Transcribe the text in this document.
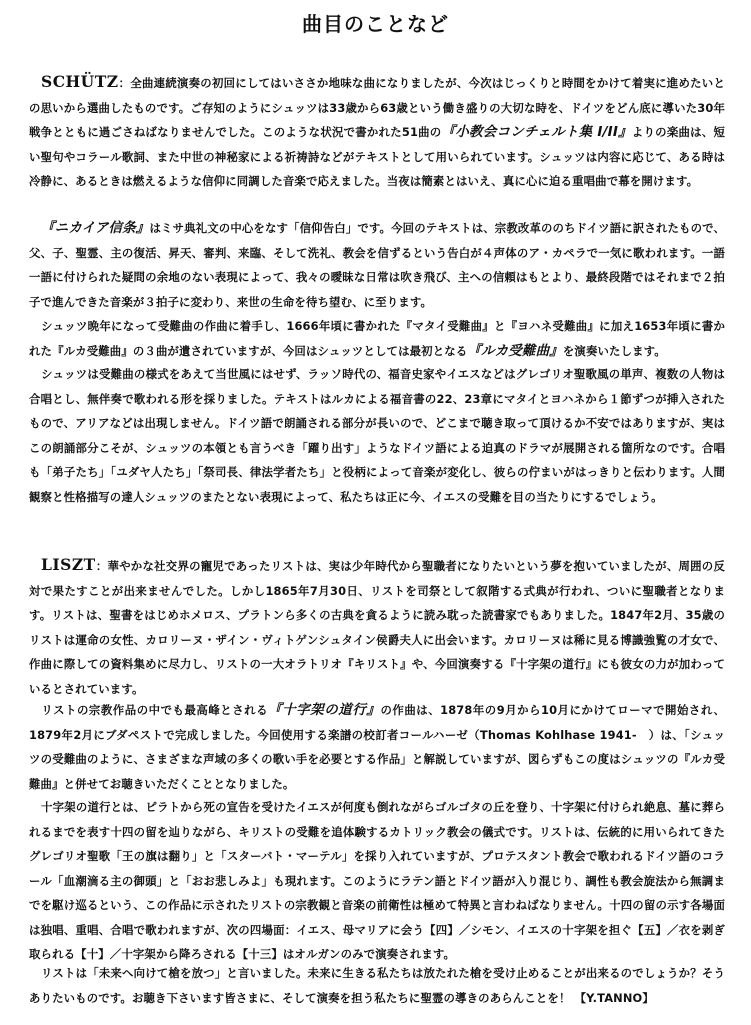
曲目のことなど

SCHÜTZ：全曲連続演奏の初回にしてはいささか地味な曲になりましたが、今次はじっくりと時間をかけて着実に進めたいとの思いから選曲したものです。ご存知のようにシュッツは33歳から63歳という働き盛りの大切な時を、ドイツをどん底に導いた30年戦争とともに過ごさねばなりませんでした。このような状況で書かれた51曲の『小教会コンチェルト集 I/II』よりの楽曲は、短い聖句やコラール歌詞、また中世の神秘家による祈祷詩などがテキストとして用いられています。シュッツは内容に応じて、ある時は冷静に、あるときは燃えるような信仰に同調した音楽で応えました。当夜は簡素とはいえ、真に心に迫る重唱曲で幕を開けます。

『ニカイア信条』はミサ典礼文の中心をなす「信仰告白」です。今回のテキストは、宗教改革ののちドイツ語に訳されたもので、父、子、聖霊、主の復活、昇天、審判、来臨、そして洗礼、教会を信ずるという告白が４声体のア・カペラで一気に歌われます。一語一語に付けられた疑問の余地のない表現によって、我々の曖昧な日常は吹き飛び、主への信頼はもとより、最終段階ではそれまで２拍子で進んできた音楽が３拍子に変わり、来世の生命を待ち望む、に至ります。

シュッツ晩年になって受難曲の作曲に着手し、1666年頃に書かれた『マタイ受難曲』と『ヨハネ受難曲』に加え1653年頃に書かれた『ルカ受難曲』の３曲が遺されていますが、今回はシュッツとしては最初となる『ルカ受難曲』を演奏いたします。

シュッツは受難曲の様式をあえて当世風にはせず、ラッソ時代の、福音史家やイエスなどはグレゴリオ聖歌風の単声、複数の人物は合唱とし、無伴奏で歌われる形を採りました。テキストはルカによる福音書の22、23章にマタイとヨハネから１節ずつが挿入されたもので、アリアなどは出現しません。ドイツ語で朗誦される部分が長いので、どこまで聴き取って頂けるか不安ではありますが、実はこの朗誦部分こそが、シュッツの本領とも言うべき「躍り出す」ようなドイツ語による迫真のドラマが展開される箇所なのです。合唱も「弟子たち」「ユダヤ人たち」「祭司長、律法学者たち」と役柄によって音楽が変化し、彼らの佇まいがはっきりと伝わります。人間観察と性格描写の達人シュッツのまたとない表現によって、私たちは正に今、イエスの受難を目の当たりにするでしょう。

LISZT：華やかな社交界の寵児であったリストは、実は少年時代から聖職者になりたいという夢を抱いていましたが、周囲の反対で果たすことが出来ませんでした。しかし1865年7月30日、リストを司祭として叙階する式典が行われ、ついに聖職者となります。リストは、聖書をはじめホメロス、プラトンら多くの古典を貪るように読み耽った読書家でもありました。1847年2月、35歳のリストは運命の女性、カロリーヌ・ザイン・ヴィトゲンシュタイン侯爵夫人に出会います。カロリーヌは稀に見る博識強覧の才女で、作曲に際しての資料集めに尽力し、リストの一大オラトリオ『キリスト』や、今回演奏する『十字架の道行』にも彼女の力が加わっているとされています。

リストの宗教作品の中でも最高峰とされる『十字架の道行』の作曲は、1878年の9月から10月にかけてローマで開始され、1879年2月にブダペストで完成しました。今回使用する楽譜の校訂者コールハーゼ（Thomas Kohlhase 1941-　）は、「シュッツの受難曲のように、さまざまな声域の多くの歌い手を必要とする作品」と解説していますが、図らずもこの度はシュッツの『ルカ受難曲』と併せてお聴きいただくこととなりました。

十字架の道行とは、ピラトから死の宣告を受けたイエスが何度も倒れながらゴルゴタの丘を登り、十字架に付けられ絶息、墓に葬られるまでを表す十四の留を辿りながら、キリストの受難を追体験するカトリック教会の儀式です。リストは、伝統的に用いられてきたグレゴリオ聖歌「王の旗は翻り」と「スターバト・マーテル」を採り入れていますが、プロテスタント教会で歌われるドイツ語のコラール「血潮滴る主の御頭」と「おお悲しみよ」も現れます。このようにラテン語とドイツ語が入り混じり、調性も教会旋法から無調までを駆け巡るという、この作品に示されたリストの宗教観と音楽の前衛性は極めて特異と言わねばなりません。十四の留の示す各場面は独唱、重唱、合唱で歌われますが、次の四場面：イエス、母マリアに会う【四】／シモン、イエスの十字架を担ぐ【五】／衣を剥ぎ取られる【十】／十字架から降ろされる【十三】はオルガンのみで演奏されます。

リストは「未来へ向けて槍を放つ」と言いました。未来に生きる私たちは放たれた槍を受け止めることが出来るのでしょうか？そうありたいものです。お聴き下さいます皆さまに、そして演奏を担う私たちに聖霊の導きのあらんことを！ 【Y.TANNO】
